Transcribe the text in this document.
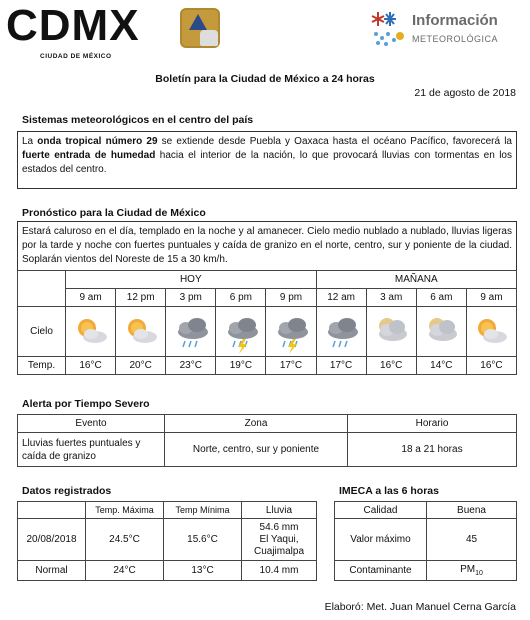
CDMX
CIUDAD DE MÉXICO
Información
METEOROLÓGICA
Boletín para la Ciudad de México a 24 horas
21 de agosto de 2018
Sistemas meteorológicos en el centro del país
La onda tropical número 29 se extiende desde Puebla y Oaxaca hasta el océano Pacífico, favorecerá la fuerte entrada de humedad hacia el interior de la nación, lo que provocará lluvias con tormentas en los estados del centro.
Pronóstico para la Ciudad de México
Estará caluroso en el día, templado en la noche y al amanecer. Cielo medio nublado a nublado, lluvias ligeras por la tarde y noche con fuertes puntuales y caída de granizo en el norte, centro, sur y poniente de la ciudad. Soplarán vientos del Noreste de 15 a 30 km/h.
	HOY					MAÑANA			
	9 am	12 pm	3 pm	6 pm	9 pm	12 am	3 am	6 am	9 am
Cielo	

Temp.	16°C	20°C	23°C	19°C	17°C	17°C	16°C	14°C	16°C
Alerta por Tiempo Severo
Evento	Zona	Horario
Lluvias fuertes puntuales y caída de granizo	Norte, centro, sur y poniente	18 a 21 horas
Datos registrados
	Temp. Máxima	Temp Mínima	Lluvia
20/08/2018	24.5°C	15.6°C	54.6 mm
El Yaqui,
Cuajimalpa

Normal	24°C	13°C	10.4 mm
IMECA a las 6 horas
Calidad	Buena
Valor máximo	45
Contaminante	$PM_{10}$
Elaboró: Met. Juan Manuel Cerna García
